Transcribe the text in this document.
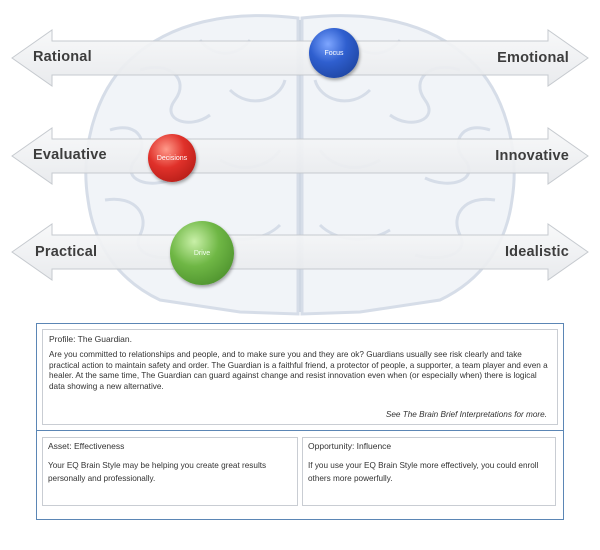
Rational	Emotional
Evaluative	Innovative
Practical	Idealistic
Focus
Decisions
Drive
Profile: The Guardian.
Are you committed to relationships and people, and to make sure you and they are ok? Guardians usually see risk clearly and take practical action to maintain safety and order. The Guardian is a faithful friend, a protector of people, a supporter, a team player and even a healer. At the same time, The Guardian can guard against change and resist innovation even when (or especially when) there is logical data showing a new alternative.
See The Brain Brief Interpretations for more.
Asset: Effectiveness
Your EQ Brain Style may be helping you create great results personally and professionally.
Opportunity: Influence
If you use your EQ Brain Style more effectively, you could enroll others more powerfully.
